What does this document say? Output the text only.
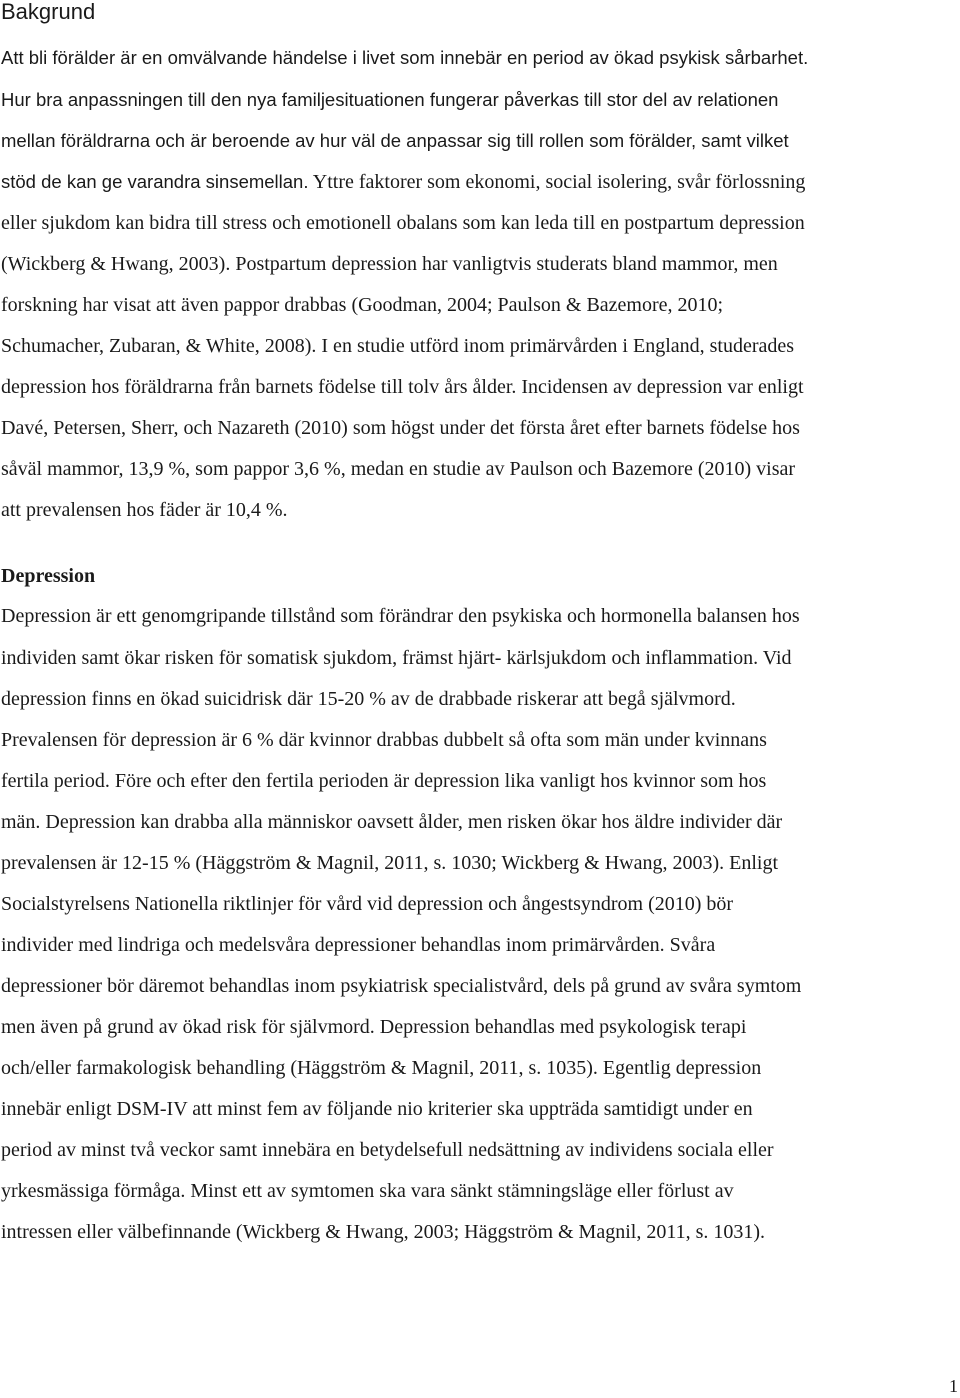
Bakgrund

Att bli förälder är en omvälvande händelse i livet som innebär en period av ökad psykisk sårbarhet.

Hur bra anpassningen till den nya familjesituationen fungerar påverkas till stor del av relationen

mellan föräldrarna och är beroende av hur väl de anpassar sig till rollen som förälder, samt vilket

stöd de kan ge varandra sinsemellan. Yttre faktorer som ekonomi, social isolering, svår förlossning

eller sjukdom kan bidra till stress och emotionell obalans som kan leda till en postpartum depression

(Wickberg & Hwang, 2003). Postpartum depression har vanligtvis studerats bland mammor, men

forskning har visat att även pappor drabbas (Goodman, 2004; Paulson & Bazemore, 2010;

Schumacher, Zubaran, & White, 2008). I en studie utförd inom primärvården i England, studerades

depression hos föräldrarna från barnets födelse till tolv års ålder. Incidensen av depression var enligt

Davé, Petersen, Sherr, och Nazareth (2010) som högst under det första året efter barnets födelse hos

såväl mammor, 13,9 %, som pappor 3,6 %, medan en studie av Paulson och Bazemore (2010) visar

att prevalensen hos fäder är 10,4 %.

Depression

Depression är ett genomgripande tillstånd som förändrar den psykiska och hormonella balansen hos

individen samt ökar risken för somatisk sjukdom, främst hjärt- kärlsjukdom och inflammation. Vid

depression finns en ökad suicidrisk där 15-20 % av de drabbade riskerar att begå självmord.

Prevalensen för depression är 6 % där kvinnor drabbas dubbelt så ofta som män under kvinnans

fertila period. Före och efter den fertila perioden är depression lika vanligt hos kvinnor som hos

män. Depression kan drabba alla människor oavsett ålder, men risken ökar hos äldre individer där

prevalensen är 12-15 % (Häggström & Magnil, 2011, s. 1030; Wickberg & Hwang, 2003). Enligt

Socialstyrelsens Nationella riktlinjer för vård vid depression och ångestsyndrom (2010) bör

individer med lindriga och medelsvåra depressioner behandlas inom primärvården. Svåra

depressioner bör däremot behandlas inom psykiatrisk specialistvård, dels på grund av svåra symtom

men även på grund av ökad risk för självmord. Depression behandlas med psykologisk terapi

och/eller farmakologisk behandling (Häggström & Magnil, 2011, s. 1035). Egentlig depression

innebär enligt DSM-IV att minst fem av följande nio kriterier ska uppträda samtidigt under en

period av minst två veckor samt innebära en betydelsefull nedsättning av individens sociala eller

yrkesmässiga förmåga. Minst ett av symtomen ska vara sänkt stämningsläge eller förlust av

intressen eller välbefinnande (Wickberg & Hwang, 2003; Häggström & Magnil, 2011, s. 1031).

1
